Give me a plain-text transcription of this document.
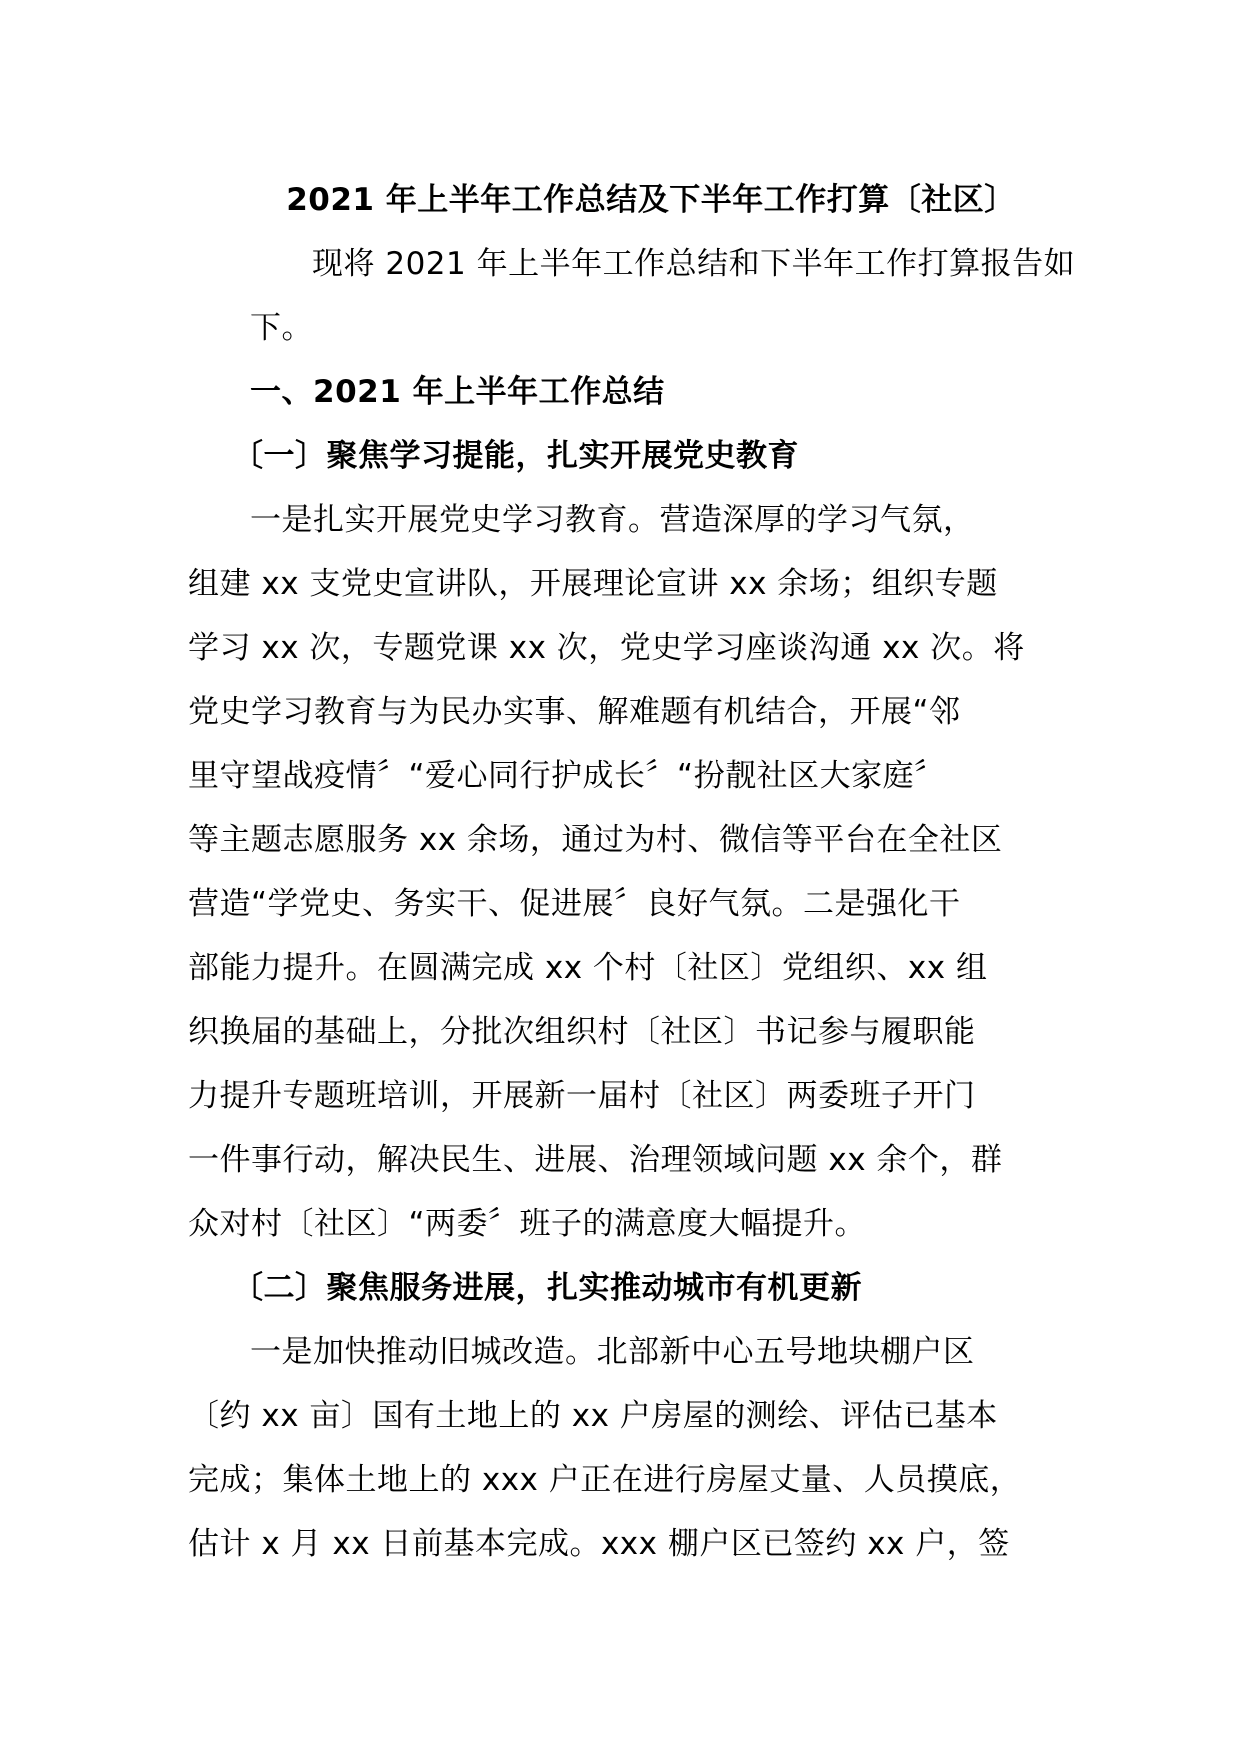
2021 年上半年工作总结及下半年工作打算〔社区〕

现将 2021 年上半年工作总结和下半年工作打算报告如
下。

一、2021 年上半年工作总结

〔一〕聚焦学习提能，扎实开展党史教育

一是扎实开展党史学习教育。营造深厚的学习气氛，
组建 xx 支党史宣讲队，开展理论宣讲 xx 余场；组织专题
学习 xx 次，专题党课 xx 次，党史学习座谈沟通 xx 次。将
党史学习教育与为民办实事、解难题有机结合，开展“邻
里守望战疫情〞“爱心同行护成长〞“扮靓社区大家庭〞
等主题志愿服务 xx 余场，通过为村、微信等平台在全社区
营造“学党史、务实干、促进展〞良好气氛。二是强化干
部能力提升。在圆满完成 xx 个村〔社区〕党组织、xx 组
织换届的基础上，分批次组织村〔社区〕书记参与履职能
力提升专题班培训，开展新一届村〔社区〕两委班子开门
一件事行动，解决民生、进展、治理领域问题 xx 余个，群
众对村〔社区〕“两委〞班子的满意度大幅提升。

〔二〕聚焦服务进展，扎实推动城市有机更新

一是加快推动旧城改造。北部新中心五号地块棚户区
〔约 xx 亩〕国有土地上的 xx 户房屋的测绘、评估已基本
完成；集体土地上的 xxx 户正在进行房屋丈量、人员摸底，
估计 x 月 xx 日前基本完成。xxx 棚户区已签约 xx 户，签
